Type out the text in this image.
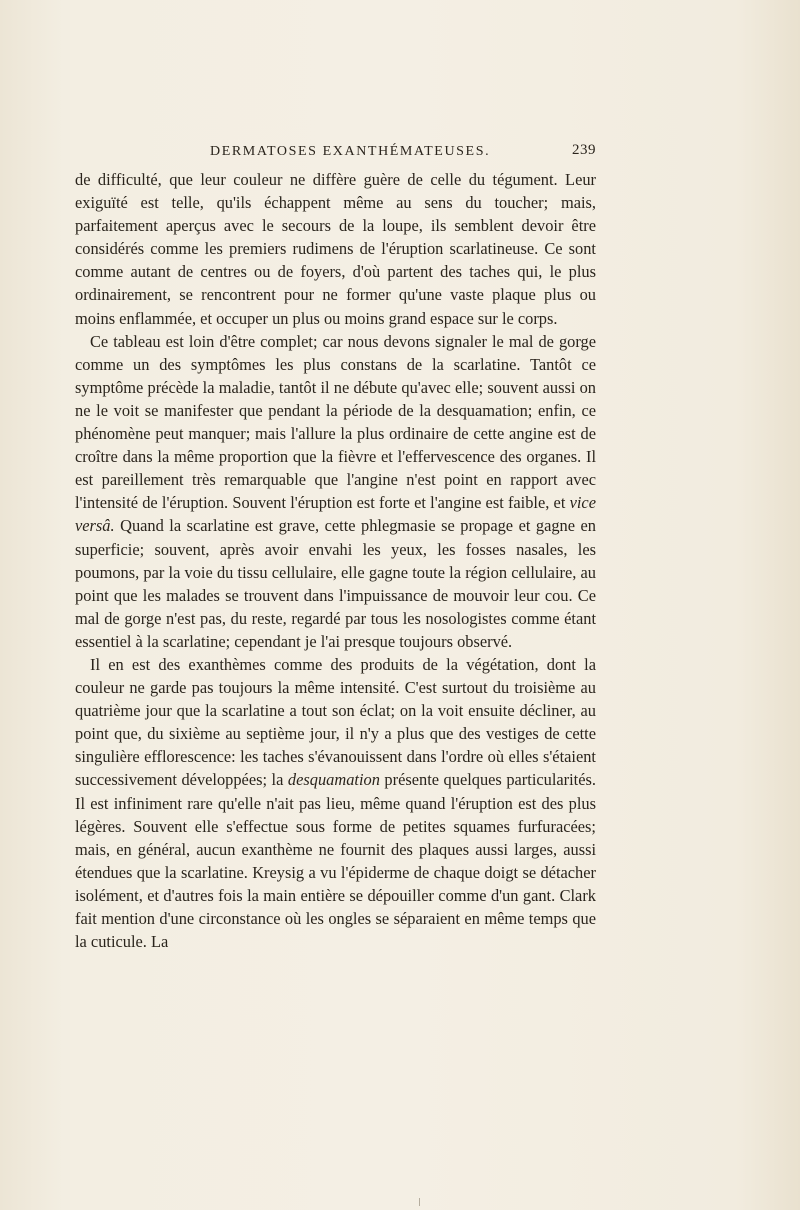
DERMATOSES EXANTHÉMATEUSES.	239

de difficulté, que leur couleur ne diffère guère de celle du tégument. Leur exiguïté est telle, qu'ils échappent même au sens du toucher; mais, parfaitement aperçus avec le secours de la loupe, ils semblent devoir être considérés comme les premiers rudimens de l'éruption scarlatineuse. Ce sont comme autant de centres ou de foyers, d'où partent des taches qui, le plus ordinairement, se rencontrent pour ne former qu'une vaste plaque plus ou moins enflammée, et occuper un plus ou moins grand espace sur le corps.

Ce tableau est loin d'être complet; car nous devons signaler le mal de gorge comme un des symptômes les plus constans de la scarlatine. Tantôt ce symptôme précède la maladie, tantôt il ne débute qu'avec elle; souvent aussi on ne le voit se manifester que pendant la période de la desquamation; enfin, ce phénomène peut manquer; mais l'allure la plus ordinaire de cette angine est de croître dans la même proportion que la fièvre et l'effervescence des organes. Il est pareillement très remarquable que l'angine n'est point en rapport avec l'intensité de l'éruption. Souvent l'éruption est forte et l'angine est faible, et vice versâ. Quand la scarlatine est grave, cette phlegmasie se propage et gagne en superficie; souvent, après avoir envahi les yeux, les fosses nasales, les poumons, par la voie du tissu cellulaire, elle gagne toute la région cellulaire, au point que les malades se trouvent dans l'impuissance de mouvoir leur cou. Ce mal de gorge n'est pas, du reste, regardé par tous les nosologistes comme étant essentiel à la scarlatine; cependant je l'ai presque toujours observé.

Il en est des exanthèmes comme des produits de la végétation, dont la couleur ne garde pas toujours la même intensité. C'est surtout du troisième au quatrième jour que la scarlatine a tout son éclat; on la voit ensuite décliner, au point que, du sixième au septième jour, il n'y a plus que des vestiges de cette singulière efflorescence: les taches s'évanouissent dans l'ordre où elles s'étaient successivement développées; la desquamation présente quelques particularités. Il est infiniment rare qu'elle n'ait pas lieu, même quand l'éruption est des plus légères. Souvent elle s'effectue sous forme de petites squames furfuracées; mais, en général, aucun exanthème ne fournit des plaques aussi larges, aussi étendues que la scarlatine. Kreysig a vu l'épiderme de chaque doigt se détacher isolément, et d'autres fois la main entière se dépouiller comme d'un gant. Clark fait mention d'une circonstance où les ongles se séparaient en même temps que la cuticule. La
